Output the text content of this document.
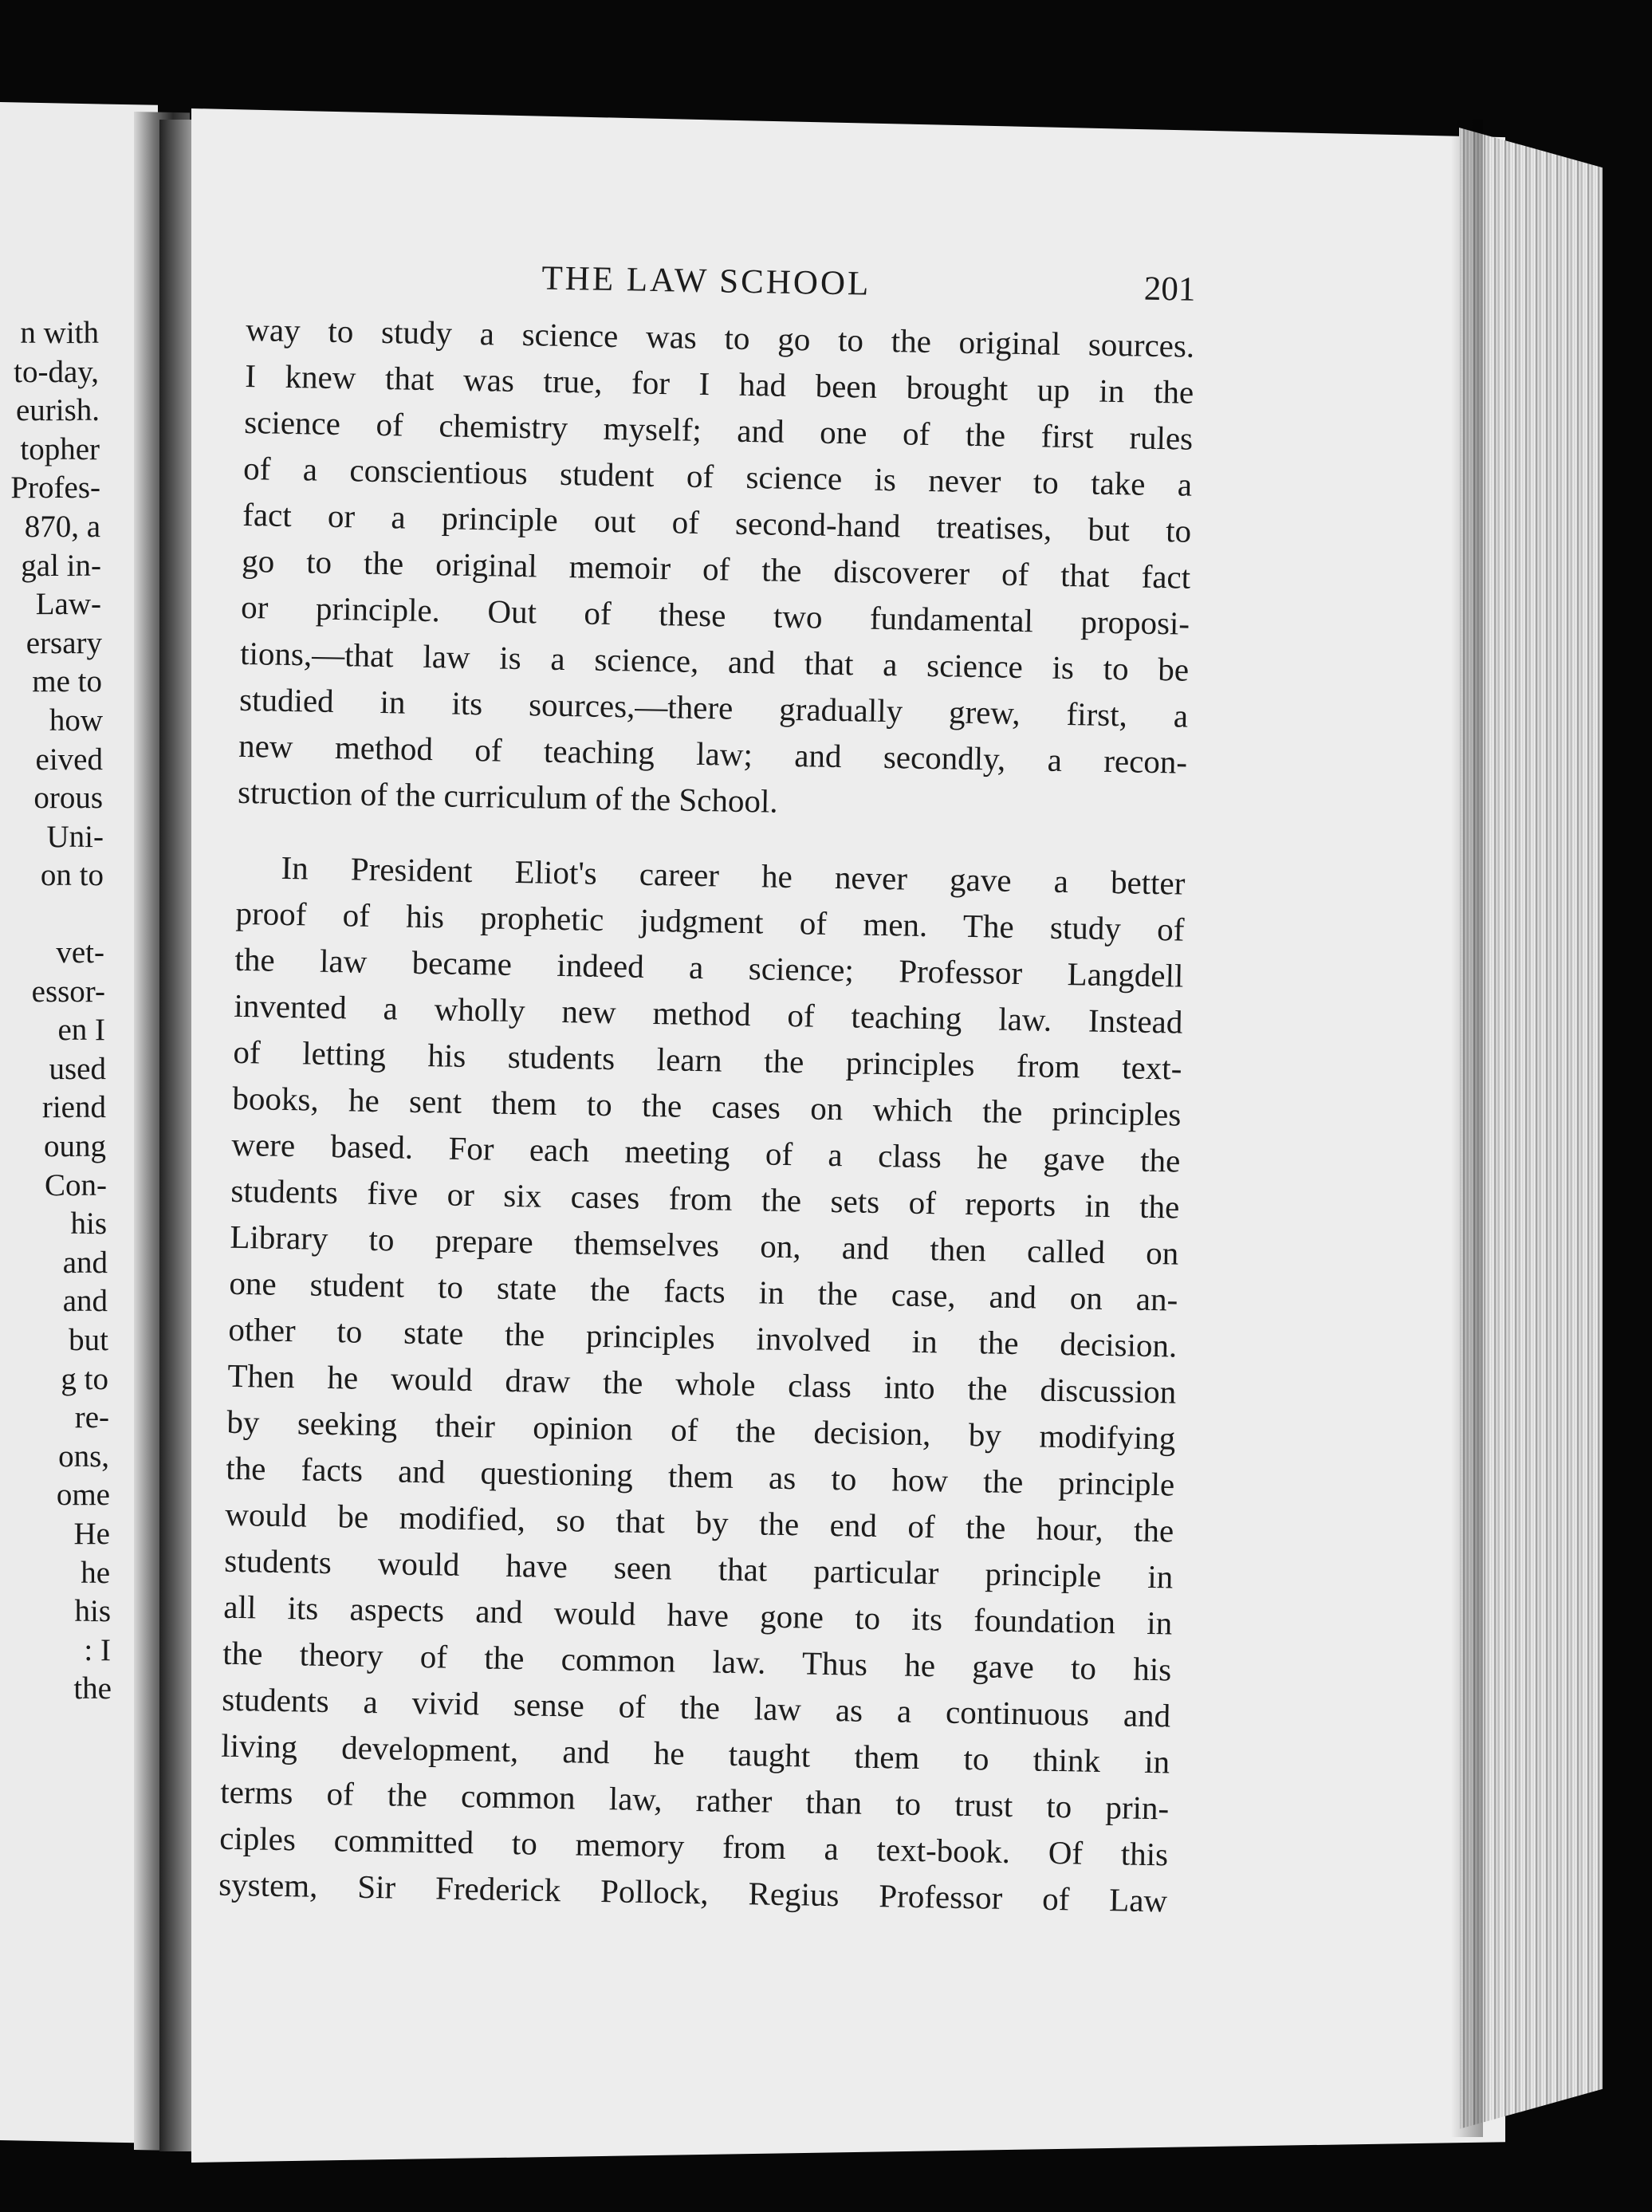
n with

to-day,

eurish.

topher

Profes-

870, a

gal in-

Law-

ersary

me to

how

eived

orous

Uni-

on to

vet-

essor-

en I

used

riend

oung

Con-

his

and

and

but

g to

re-

ons,

ome

He

he

his

: I

the

THE LAW SCHOOL	201

way to study a science was to go to the original sources.

I knew that was true, for I had been brought up in the

science of chemistry myself; and one of the first rules

of a conscientious student of science is never to take a

fact or a principle out of second-hand treatises, but to

go to the original memoir of the discoverer of that fact

or principle. Out of these two fundamental proposi-

tions,—that law is a science, and that a science is to be

studied in its sources,—there gradually grew, first, a

new method of teaching law; and secondly, a recon-

struction of the curriculum of the School.

In President Eliot's career he never gave a better

proof of his prophetic judgment of men. The study of

the law became indeed a science; Professor Langdell

invented a wholly new method of teaching law. Instead

of letting his students learn the principles from text-

books, he sent them to the cases on which the principles

were based. For each meeting of a class he gave the

students five or six cases from the sets of reports in the

Library to prepare themselves on, and then called on

one student to state the facts in the case, and on an-

other to state the principles involved in the decision.

Then he would draw the whole class into the discussion

by seeking their opinion of the decision, by modifying

the facts and questioning them as to how the principle

would be modified, so that by the end of the hour, the

students would have seen that particular principle in

all its aspects and would have gone to its foundation in

the theory of the common law. Thus he gave to his

students a vivid sense of the law as a continuous and

living development, and he taught them to think in

terms of the common law, rather than to trust to prin-

ciples committed to memory from a text-book. Of this

system, Sir Frederick Pollock, Regius Professor of Law
